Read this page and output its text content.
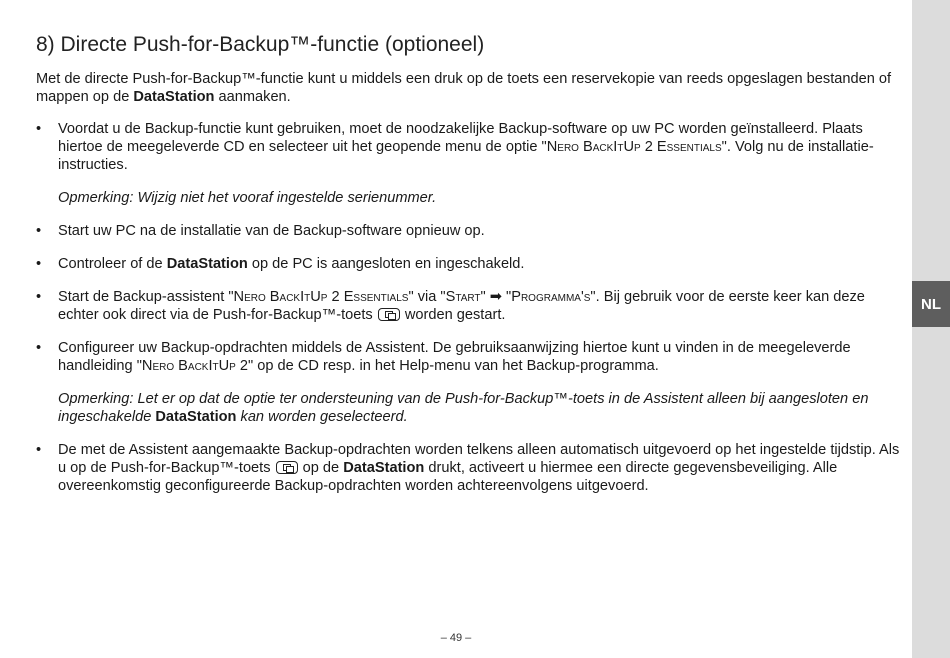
NL
8) Directe Push-for-Backup™-functie (optioneel)

Met de directe Push-for-Backup™-functie kunt u middels een druk op de toets een reservekopie van reeds opgeslagen bestanden of mappen op de DataStation aanmaken.

• Voordat u de Backup-functie kunt gebruiken, moet de noodzakelijke Backup-software op uw PC worden geïnstalleerd. Plaats hiertoe de meegeleverde CD en selecteer uit het geopende menu de optie "Nero BackItUp 2 Essentials". Volg nu de installatie-instructies.

Opmerking: Wijzig niet het vooraf ingestelde serienummer.

• Start uw PC na de installatie van de Backup-software opnieuw op.
• Controleer of de DataStation op de PC is aangesloten en ingeschakeld.
• Start de Backup-assistent "Nero BackItUp 2 Essentials" via "Start" ➡ "Programma's". Bij gebruik voor de eerste keer kan deze echter ook direct via de Push-for-Backup™-toets  worden gestart.
• Configureer uw Backup-opdrachten middels de Assistent. De gebruiksaanwijzing hiertoe kunt u vinden in de meegeleverde handleiding "Nero BackItUp 2" op de CD resp. in het Help-menu van het Backup-programma.

Opmerking: Let er op dat de optie ter ondersteuning van de Push-for-Backup™-toets in de Assistent alleen bij aangesloten en ingeschakelde DataStation kan worden geselecteerd.

• De met de Assistent aangemaakte Backup-opdrachten worden telkens alleen automatisch uitgevoerd op het ingestelde tijdstip. Als u op de Push-for-Backup™-toets  op de DataStation drukt, activeert u hiermee een directe gegevensbeveiliging. Alle overeenkomstig geconfigureerde Backup-opdrachten worden achtereenvolgens uitgevoerd.
– 49 –
